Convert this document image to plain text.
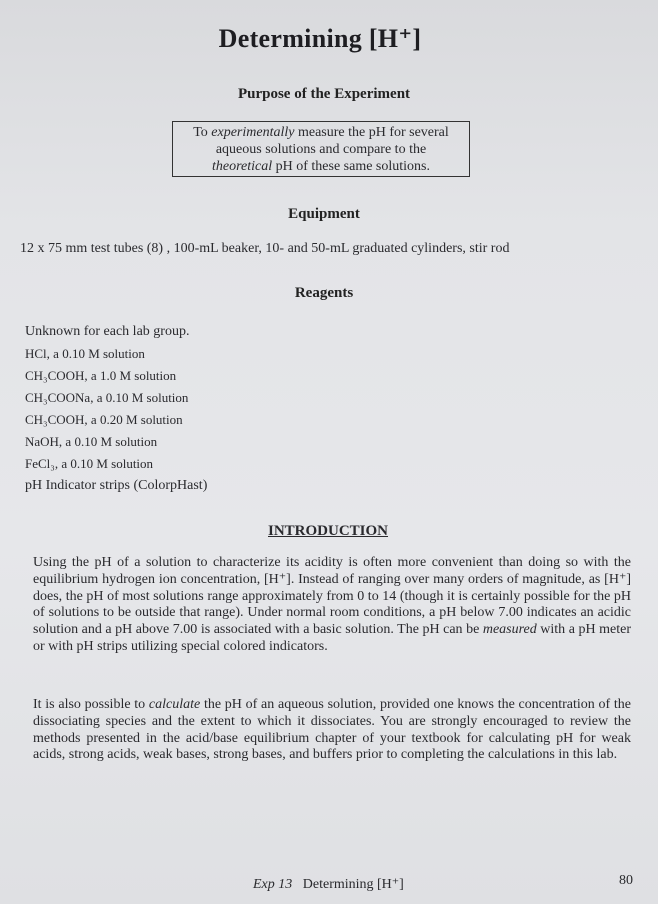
Determining [H⁺]
Purpose of the Experiment
To experimentally measure the pH for several
aqueous solutions and compare to the
theoretical pH of these same solutions.
Equipment
12 x 75 mm test tubes (8) , 100-mL beaker, 10- and 50-mL graduated cylinders, stir rod
Reagents
Unknown for each lab group.
HCl, a 0.10 M solution
CH₃COOH, a 1.0 M solution
CH₃COONa, a 0.10 M solution
CH₃COOH, a 0.20 M solution
NaOH, a 0.10 M solution
FeCl₃, a 0.10 M solution
pH Indicator strips (ColorpHast)
INTRODUCTION
Using the pH of a solution to characterize its acidity is often more convenient than doing so with the equilibrium hydrogen ion concentration, [H⁺]. Instead of ranging over many orders of magnitude, as [H⁺] does, the pH of most solutions range approximately from 0 to 14 (though it is certainly possible for the pH of solutions to be outside that range). Under normal room conditions, a pH below 7.00 indicates an acidic solution and a pH above 7.00 is associated with a basic solution. The pH can be measured with a pH meter or with pH strips utilizing special colored indicators.
It is also possible to calculate the pH of an aqueous solution, provided one knows the concentration of the dissociating species and the extent to which it dissociates. You are strongly encouraged to review the methods presented in the acid/base equilibrium chapter of your textbook for calculating pH for weak acids, strong acids, weak bases, strong bases, and buffers prior to completing the calculations in this lab.
Exp 13 Determining [H⁺]	80
